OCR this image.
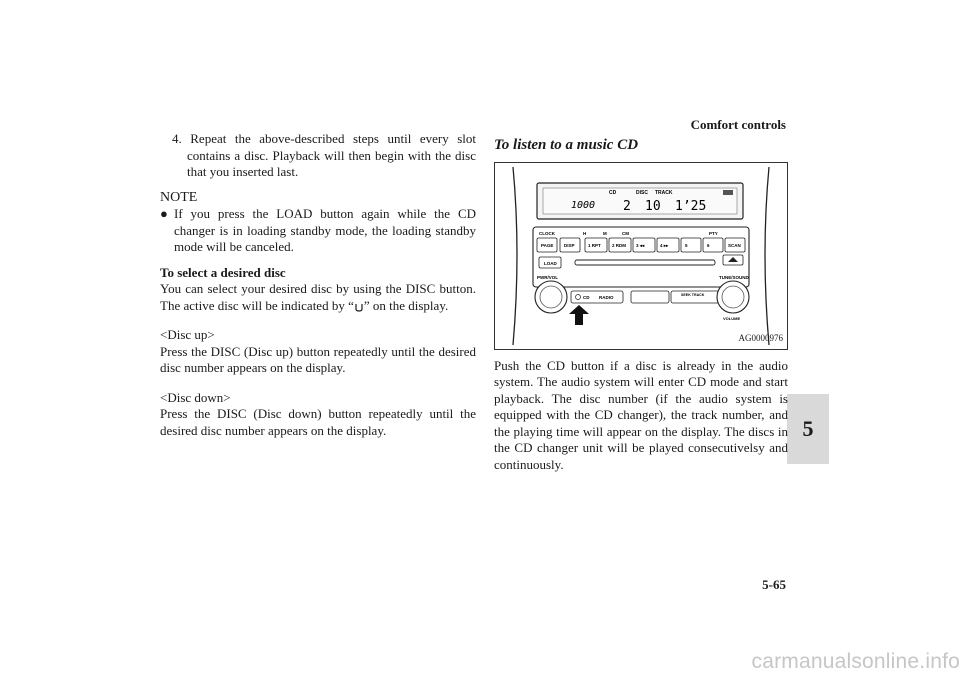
Comfort controls
5
4. Repeat the above-described steps until every slot contains a disc. Playback will then begin with the disc that you inserted last.
NOTE
● If you press the LOAD button again while the CD changer is in loading standby mode, the loading standby mode will be canceled.
To select a desired disc

You can select your desired disc by using the DISC button. The active disc will be indicated by “ ” on the display.

<Disc up>

Press the DISC (Disc up) button repeatedly until the desired disc number appears on the display.

<Disc down>

Press the DISC (Disc down) button repeatedly until the desired disc number appears on the display.

To listen to a music CD
CD	DISC TRACK
1000 2 10 1’25
CLOCK	H	M	CM
PAGE DISP	1 RPT 2 RDM 3 ◂◂	4 ▸▸	5	6	SCAN
PTY
LOAD
PWR/VOL
CD RADIO	SEEK TRACK
TUNE/SOUND
VOLUME
AG0000976

Push the CD button if a disc is already in the audio system. The audio system will enter CD mode and start playback. The disc number (if the audio system is equipped with the CD changer), the track number, and the playing time will appear on the display. The discs in the CD changer unit will be played consecutivelsy and continuously.

5-65
carmanualsonline.info
